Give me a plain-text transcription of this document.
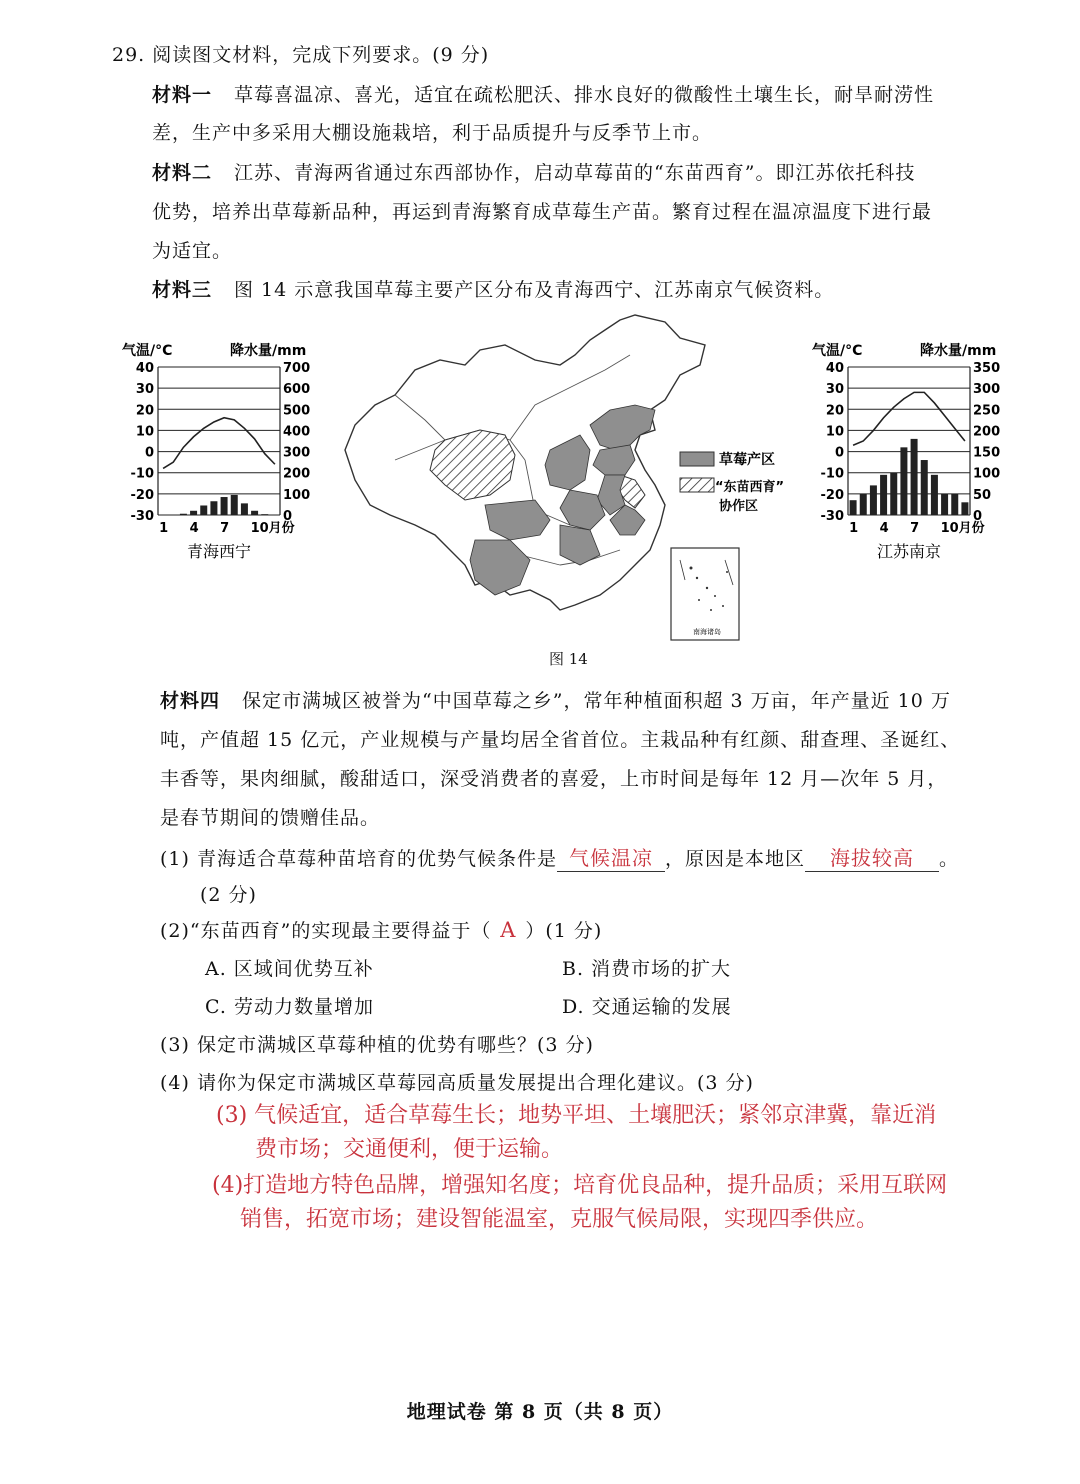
29. 阅读图文材料，完成下列要求。(9 分)
材料一 草莓喜温凉、喜光，适宜在疏松肥沃、排水良好的微酸性土壤生长，耐旱耐涝性
差，生产中多采用大棚设施栽培，利于品质提升与反季节上市。
材料二 江苏、青海两省通过东西部协作，启动草莓苗的“东苗西育”。即江苏依托科技
优势，培养出草莓新品种，再运到青海繁育成草莓生产苗。繁育过程在温凉温度下进行最
为适宜。
材料三 图 14 示意我国草莓主要产区分布及青海西宁、江苏南京气候资料。
气温/°C	降水量/mm
40	700
30	600
20	500
10	400
0	300
-10	200
-20	100
-30	0
1 4 7 10月份
青海西宁
草莓产区
“东苗西育”
协作区
南海诸岛
气温/°C	降水量/mm
40	350
30	300
20	250
10	200
0	150
-10	100
-20	50
-30	0
1 4 7 10月份
江苏南京
图 14
材料四 保定市满城区被誉为“中国草莓之乡”，常年种植面积超 3 万亩，年产量近 10 万
吨，产值超 15 亿元，产业规模与产量均居全省首位。主栽品种有红颜、甜查理、圣诞红、
丰香等，果肉细腻，酸甜适口，深受消费者的喜爱，上市时间是每年 12 月—次年 5 月，
是春节期间的馈赠佳品。
(1) 青海适合草莓种苗培育的优势气候条件是 气候温凉 ，原因是本地区 海拔较高 。
(2 分)
(2)“东苗西育”的实现最主要得益于（ A ）(1 分)
A. 区域间优势互补	B. 消费市场的扩大
C. 劳动力数量增加	D. 交通运输的发展
(3) 保定市满城区草莓种植的优势有哪些？(3 分)
(4) 请你为保定市满城区草莓园高质量发展提出合理化建议。(3 分)
(3) 气候适宜，适合草莓生长；地势平坦、土壤肥沃；紧邻京津冀，靠近消
费市场；交通便利，便于运输。
(4)打造地方特色品牌，增强知名度；培育优良品种，提升品质；采用互联网
销售，拓宽市场；建设智能温室，克服气候局限，实现四季供应。
地理试卷 第 8 页（共 8 页）
